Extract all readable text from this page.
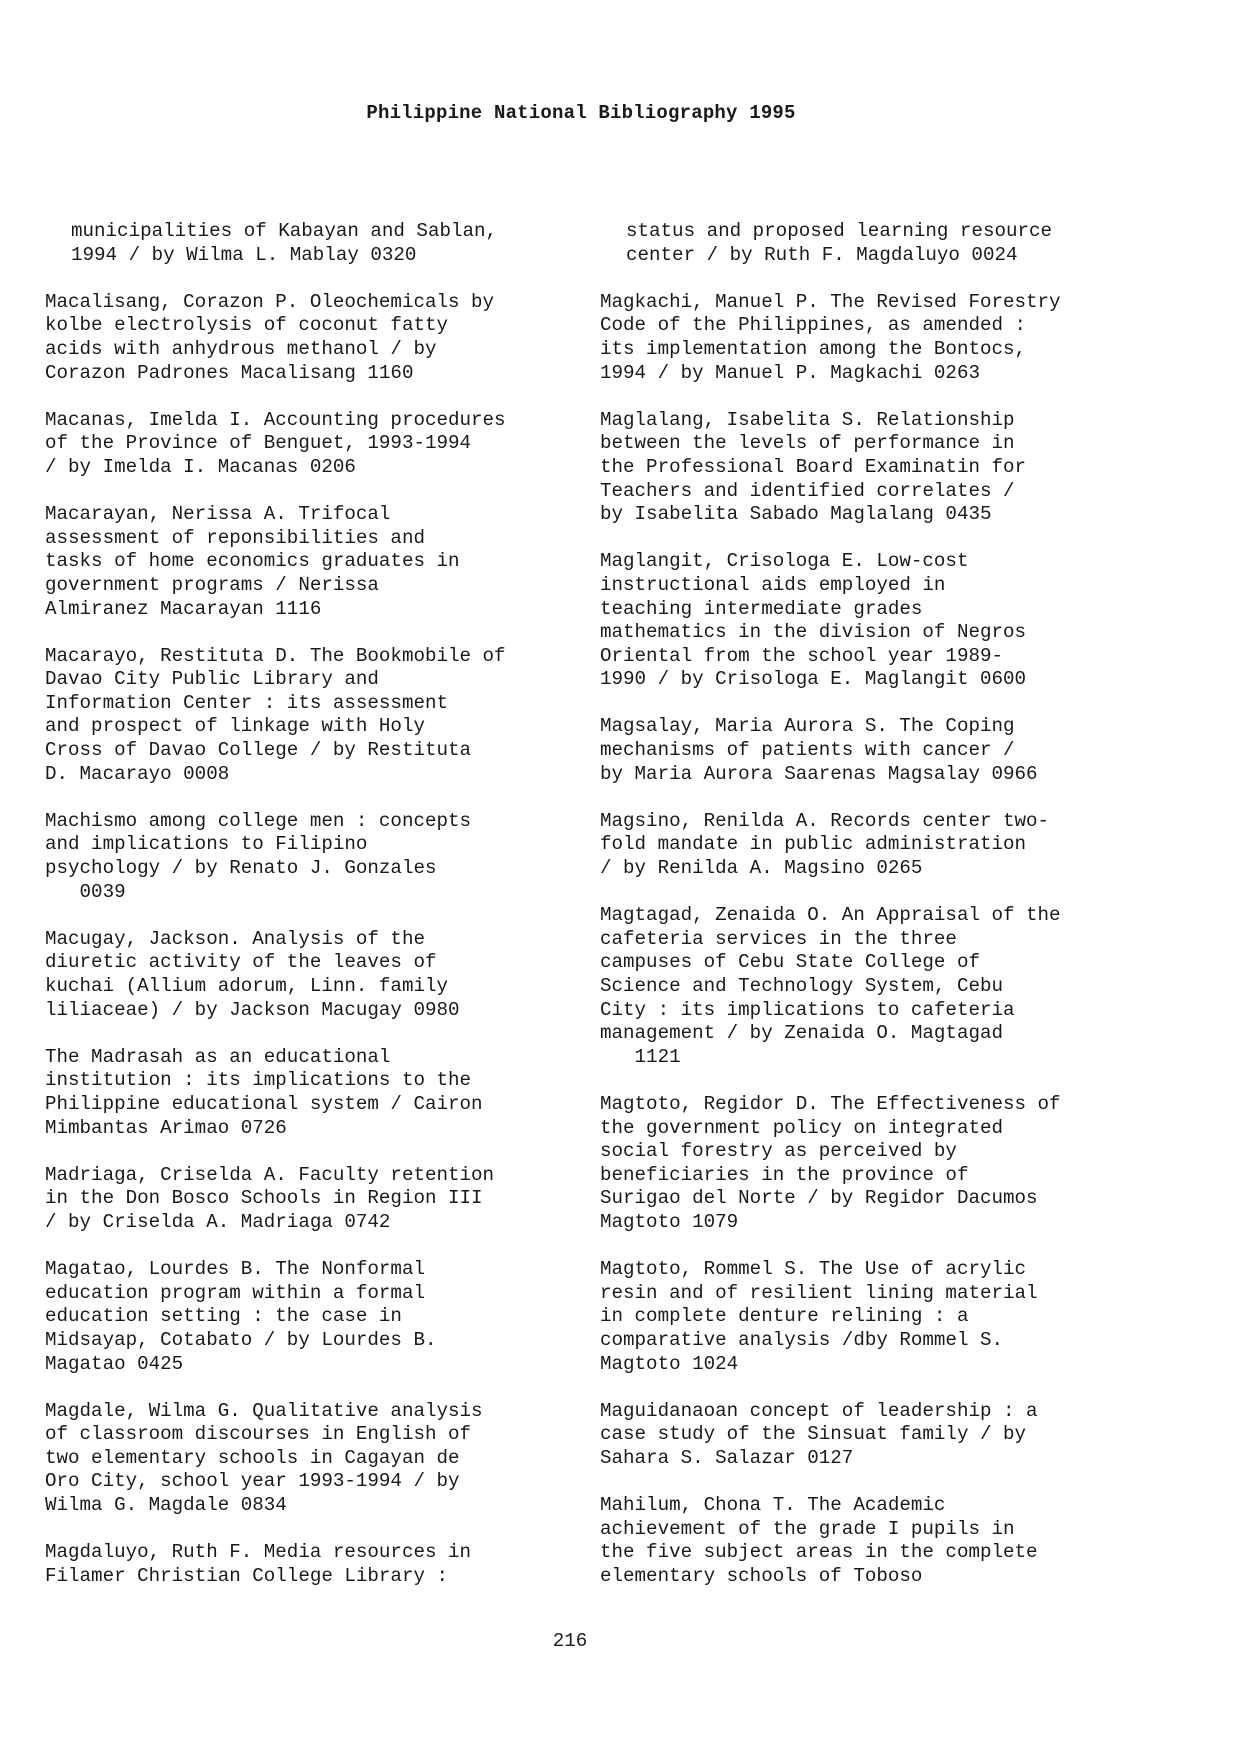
Philippine National Bibliography 1995
municipalities of Kabayan and Sablan,
1994 / by Wilma L. Mablay 0320
Macalisang, Corazon P. Oleochemicals by
kolbe electrolysis of coconut fatty
acids with anhydrous methanol / by
Corazon Padrones Macalisang 1160
Macanas, Imelda I. Accounting procedures
of the Province of Benguet, 1993-1994
/ by Imelda I. Macanas 0206
Macarayan, Nerissa A. Trifocal
assessment of reponsibilities and
tasks of home economics graduates in
government programs / Nerissa
Almiranez Macarayan 1116
Macarayo, Restituta D. The Bookmobile of
Davao City Public Library and
Information Center : its assessment
and prospect of linkage with Holy
Cross of Davao College / by Restituta
D. Macarayo 0008
Machismo among college men : concepts
and implications to Filipino
psychology / by Renato J. Gonzales
0039
Macugay, Jackson. Analysis of the
diuretic activity of the leaves of
kuchai (Allium adorum, Linn. family
liliaceae) / by Jackson Macugay 0980
The Madrasah as an educational
institution : its implications to the
Philippine educational system / Cairon
Mimbantas Arimao 0726
Madriaga, Criselda A. Faculty retention
in the Don Bosco Schools in Region III
/ by Criselda A. Madriaga 0742
Magatao, Lourdes B. The Nonformal
education program within a formal
education setting : the case in
Midsayap, Cotabato / by Lourdes B.
Magatao 0425
Magdale, Wilma G. Qualitative analysis
of classroom discourses in English of
two elementary schools in Cagayan de
Oro City, school year 1993-1994 / by
Wilma G. Magdale 0834
Magdaluyo, Ruth F. Media resources in
Filamer Christian College Library :
status and proposed learning resource
center / by Ruth F. Magdaluyo 0024
Magkachi, Manuel P. The Revised Forestry
Code of the Philippines, as amended :
its implementation among the Bontocs,
1994 / by Manuel P. Magkachi 0263
Maglalang, Isabelita S. Relationship
between the levels of performance in
the Professional Board Examinatin for
Teachers and identified correlates /
by Isabelita Sabado Maglalang 0435
Maglangit, Crisologa E. Low-cost
instructional aids employed in
teaching intermediate grades
mathematics in the division of Negros
Oriental from the school year 1989-
1990 / by Crisologa E. Maglangit 0600
Magsalay, Maria Aurora S. The Coping
mechanisms of patients with cancer /
by Maria Aurora Saarenas Magsalay 0966
Magsino, Renilda A. Records center two-
fold mandate in public administration
/ by Renilda A. Magsino 0265
Magtagad, Zenaida O. An Appraisal of the
cafeteria services in the three
campuses of Cebu State College of
Science and Technology System, Cebu
City : its implications to cafeteria
management / by Zenaida O. Magtagad
1121
Magtoto, Regidor D. The Effectiveness of
the government policy on integrated
social forestry as perceived by
beneficiaries in the province of
Surigao del Norte / by Regidor Dacumos
Magtoto 1079
Magtoto, Rommel S. The Use of acrylic
resin and of resilient lining material
in complete denture relining : a
comparative analysis /dby Rommel S.
Magtoto 1024
Maguidanaoan concept of leadership : a
case study of the Sinsuat family / by
Sahara S. Salazar 0127
Mahilum, Chona T. The Academic
achievement of the grade I pupils in
the five subject areas in the complete
elementary schools of Toboso
216
